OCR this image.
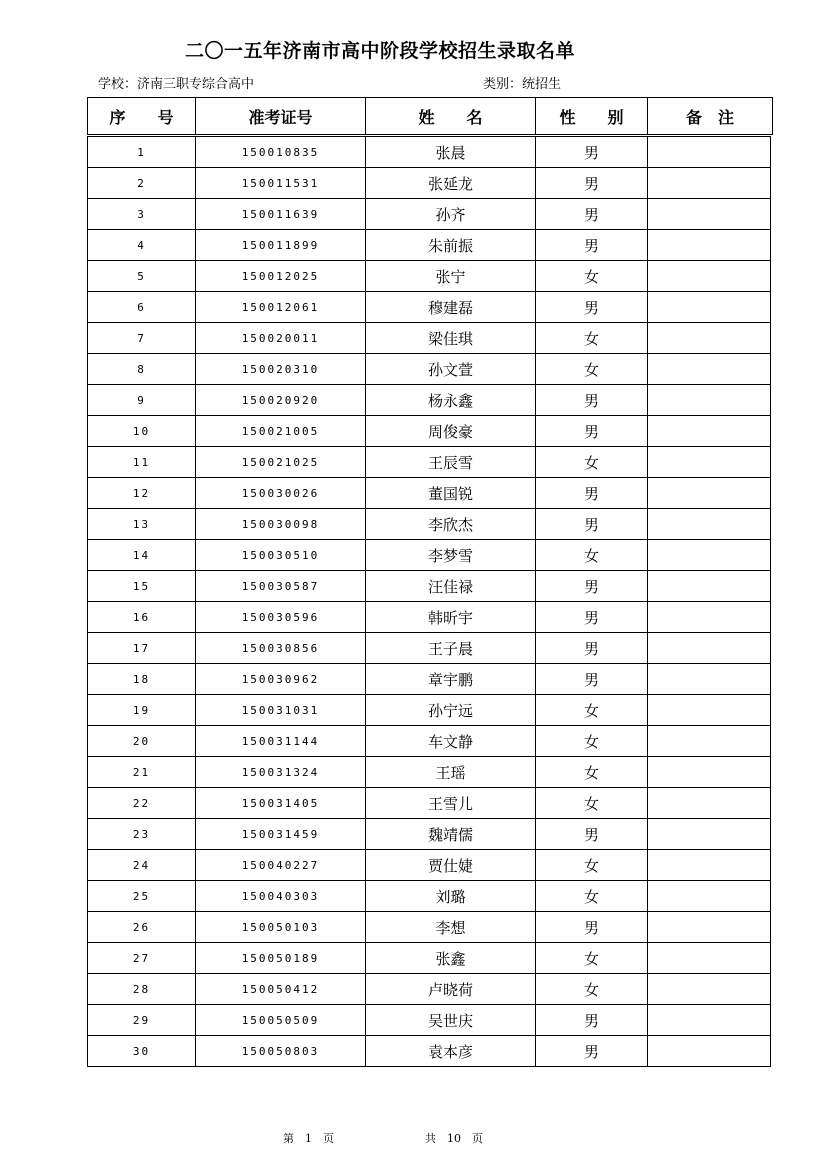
二〇一五年济南市高中阶段学校招生录取名单
学校：济南三职专综合高中	类别：统招生
序　　号	准考证号	姓　　名	性　　别	备　注
1	150010835	张晨	男	
2	150011531	张延龙	男	
3	150011639	孙齐	男	
4	150011899	朱前振	男	
5	150012025	张宁	女	
6	150012061	穆建磊	男	
7	150020011	梁佳琪	女	
8	150020310	孙文萱	女	
9	150020920	杨永鑫	男	
10	150021005	周俊豪	男	
11	150021025	王辰雪	女	
12	150030026	董国锐	男	
13	150030098	李欣杰	男	
14	150030510	李梦雪	女	
15	150030587	汪佳禄	男	
16	150030596	韩昕宇	男	
17	150030856	王子晨	男	
18	150030962	章宇鹏	男	
19	150031031	孙宁远	女	
20	150031144	车文静	女	
21	150031324	王瑶	女	
22	150031405	王雪儿	女	
23	150031459	魏靖儒	男	
24	150040227	贾仕婕	女	
25	150040303	刘璐	女	
26	150050103	李想	男	
27	150050189	张鑫	女	
28	150050412	卢晓荷	女	
29	150050509	吴世庆	男	
30	150050803	袁本彦	男	
第　1　页	共　10　页
